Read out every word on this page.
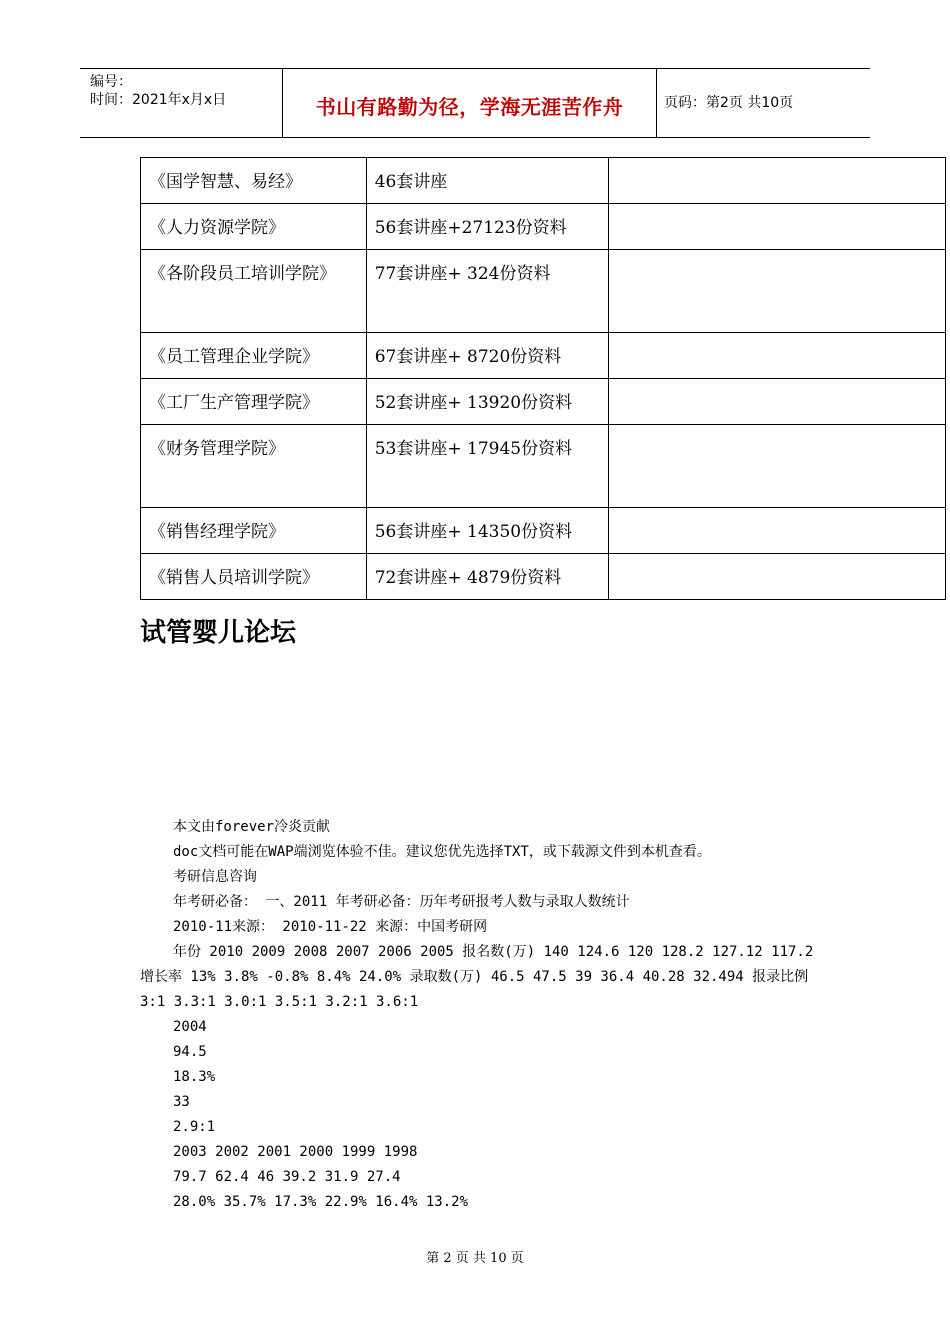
编号：
时间：2021年x月x日	书山有路勤为径，学海无涯苦作舟	页码：第2页 共10页
《国学智慧、易经》	46套讲座	
《人力资源学院》	56套讲座+27123份资料	
《各阶段员工培训学院》	77套讲座+ 324份资料	
《员工管理企业学院》	67套讲座+ 8720份资料	
《工厂生产管理学院》	52套讲座+ 13920份资料	
《财务管理学院》	53套讲座+ 17945份资料	
《销售经理学院》	56套讲座+ 14350份资料	
《销售人员培训学院》	72套讲座+ 4879份资料	
试管婴儿论坛
本文由forever冷炎贡献
doc文档可能在WAP端浏览体验不佳。建议您优先选择TXT，或下载源文件到本机查看。
考研信息咨询
年考研必备： 一、2011 年考研必备：历年考研报考人数与录取人数统计
2010-11来源： 2010-11-22 来源：中国考研网
年份 2010 2009 2008 2007 2006 2005 报名数(万) 140 124.6 120 128.2 127.12 117.2 增长率 13% 3.8% -0.8% 8.4% 24.0% 录取数(万) 46.5 47.5 39 36.4 40.28 32.494 报录比例 3:1 3.3:1 3.0:1 3.5:1 3.2:1 3.6:1
2004
94.5
18.3%
33
2.9:1
2003 2002 2001 2000 1999 1998
79.7 62.4 46 39.2 31.9 27.4
28.0% 35.7% 17.3% 22.9% 16.4% 13.2%
第 2 页 共 10 页
